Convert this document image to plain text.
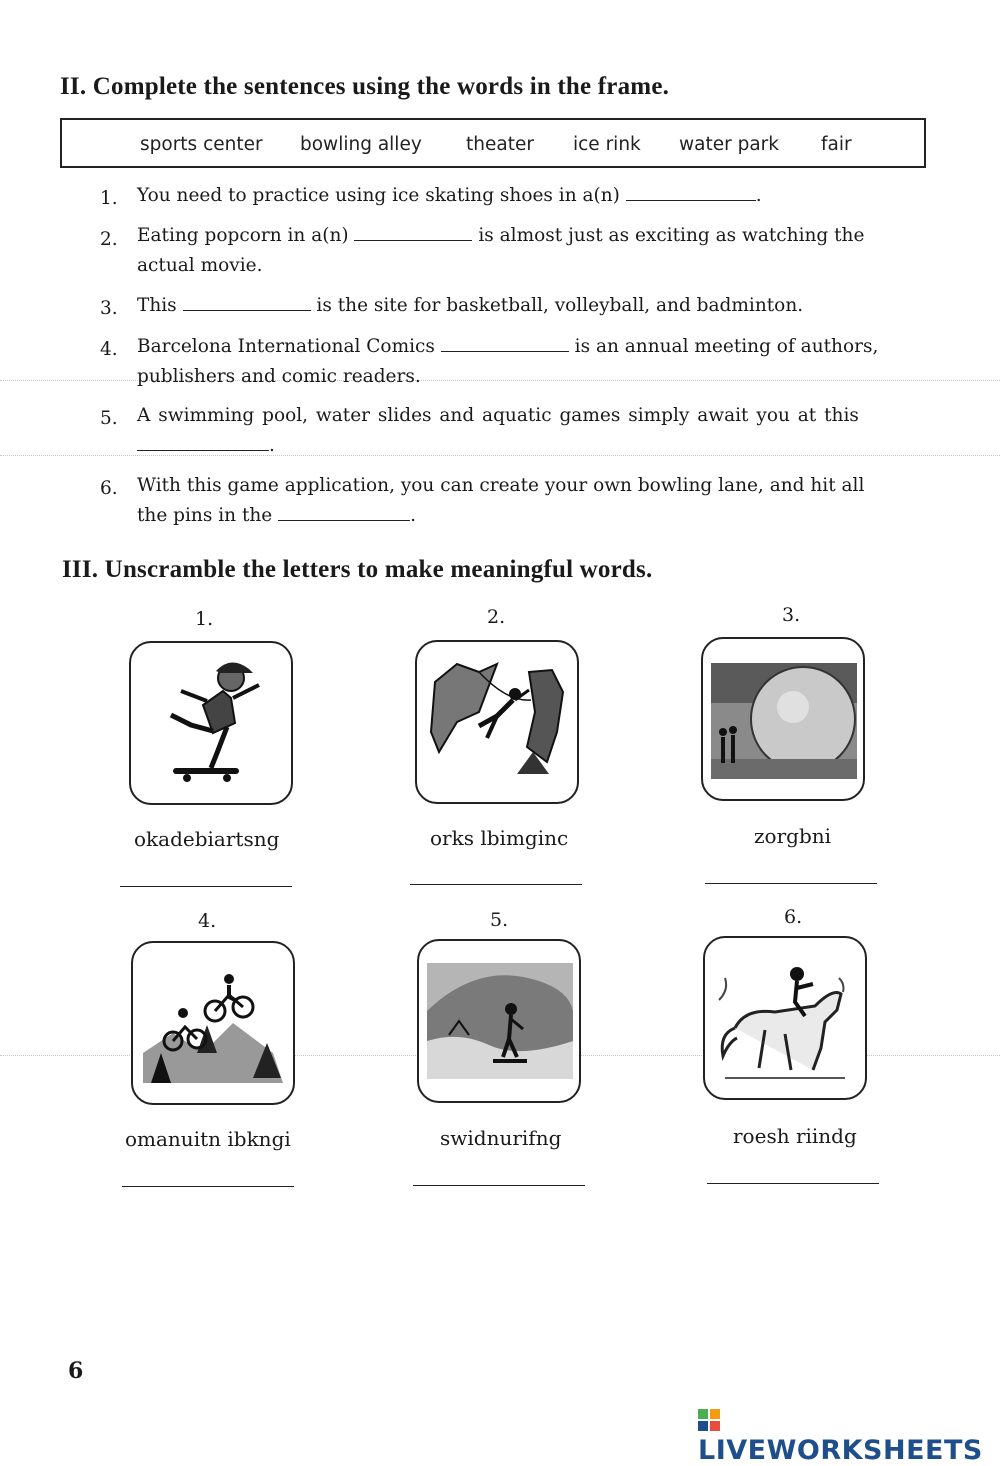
II. Complete the sentences using the words in the frame.
sports center bowling alley theater ice rink water park fair
1. You need to practice using ice skating shoes in a(n)	.
2. Eating popcorn in a(n)	is almost just as exciting as watching the
actual movie.
3. This	is the site for basketball, volleyball, and badminton.
4. Barcelona International Comics	is an annual meeting of authors,
publishers and comic readers.
5. A swimming pool, water slides and aquatic games simply await you at this
.
6. With this game application, you can create your own bowling lane, and hit all
the pins in the	.
III. Unscramble the letters to make meaningful words.
1.
okadebiartsng
2.
orks lbimginc
3.
zorgbni
4.
omanuitn ibkngi
5.
swidnurifng
6.
roesh riindg
6
LIVEWORKSHEETS
